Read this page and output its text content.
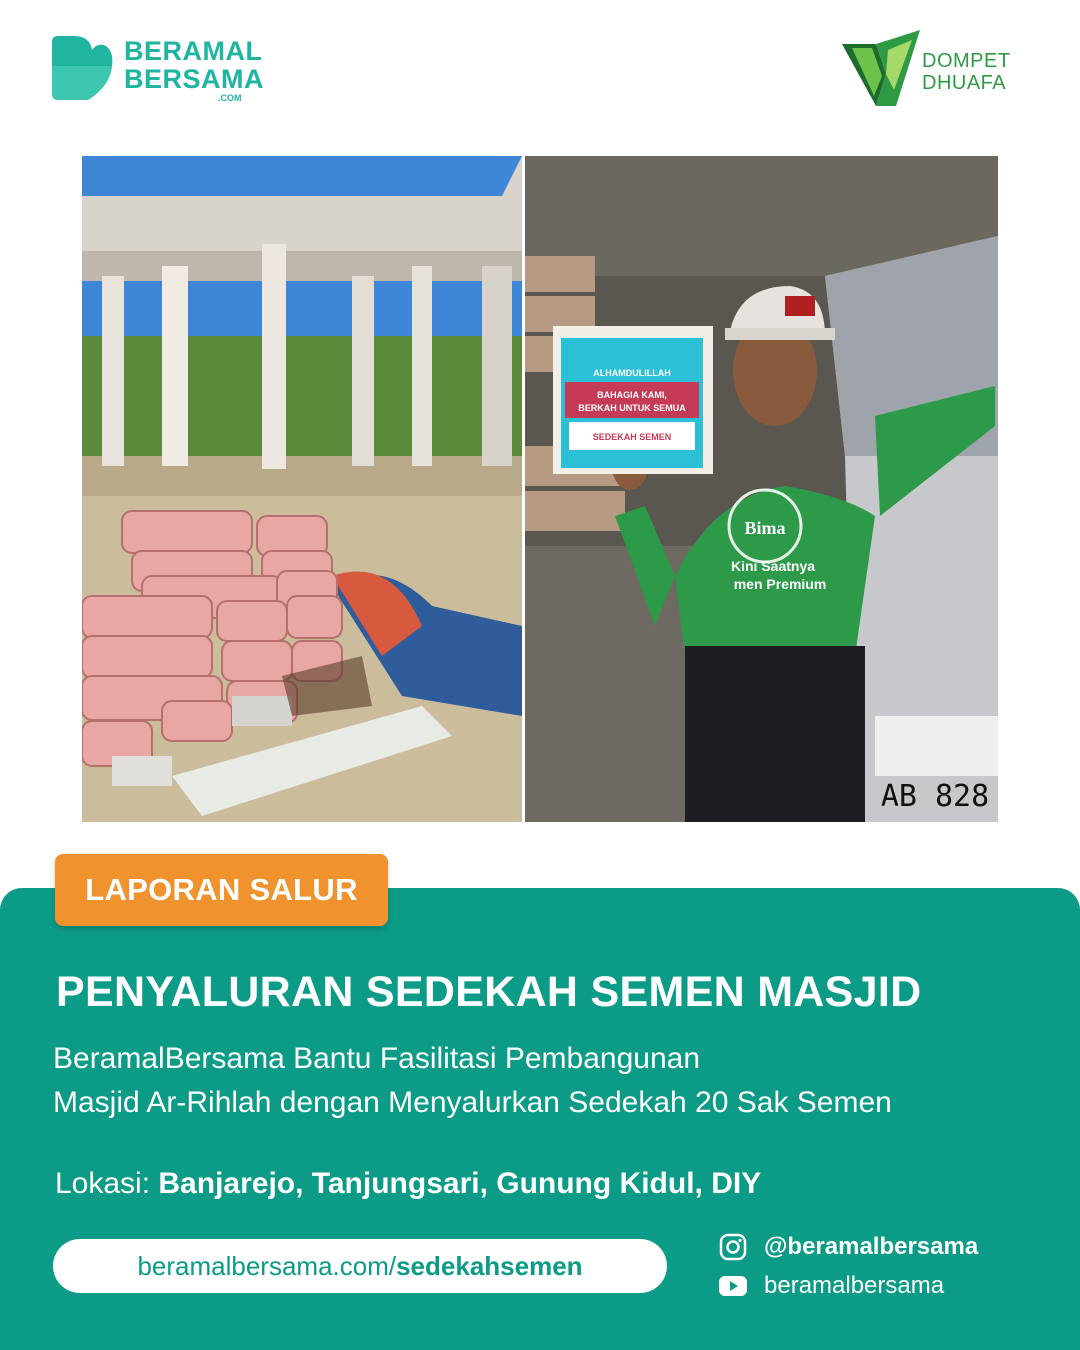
BERAMAL
BERSAMA
.COM
DOMPET
DHUAFA
ALHAMDULILLAH
BAHAGIA KAMI,
BERKAH UNTUK SEMUA
SEDEKAH SEMEN
Bima
Kini Saatnya
men Premium
AB 828
LAPORAN SALUR
PENYALURAN SEDEKAH SEMEN MASJID
BeramalBersama Bantu Fasilitasi Pembangunan
Masjid Ar-Rihlah dengan Menyalurkan Sedekah 20 Sak Semen
Lokasi: Banjarejo, Tanjungsari, Gunung Kidul, DIY
beramalbersama.com/sedekahsemen
@beramalbersama
beramalbersama
